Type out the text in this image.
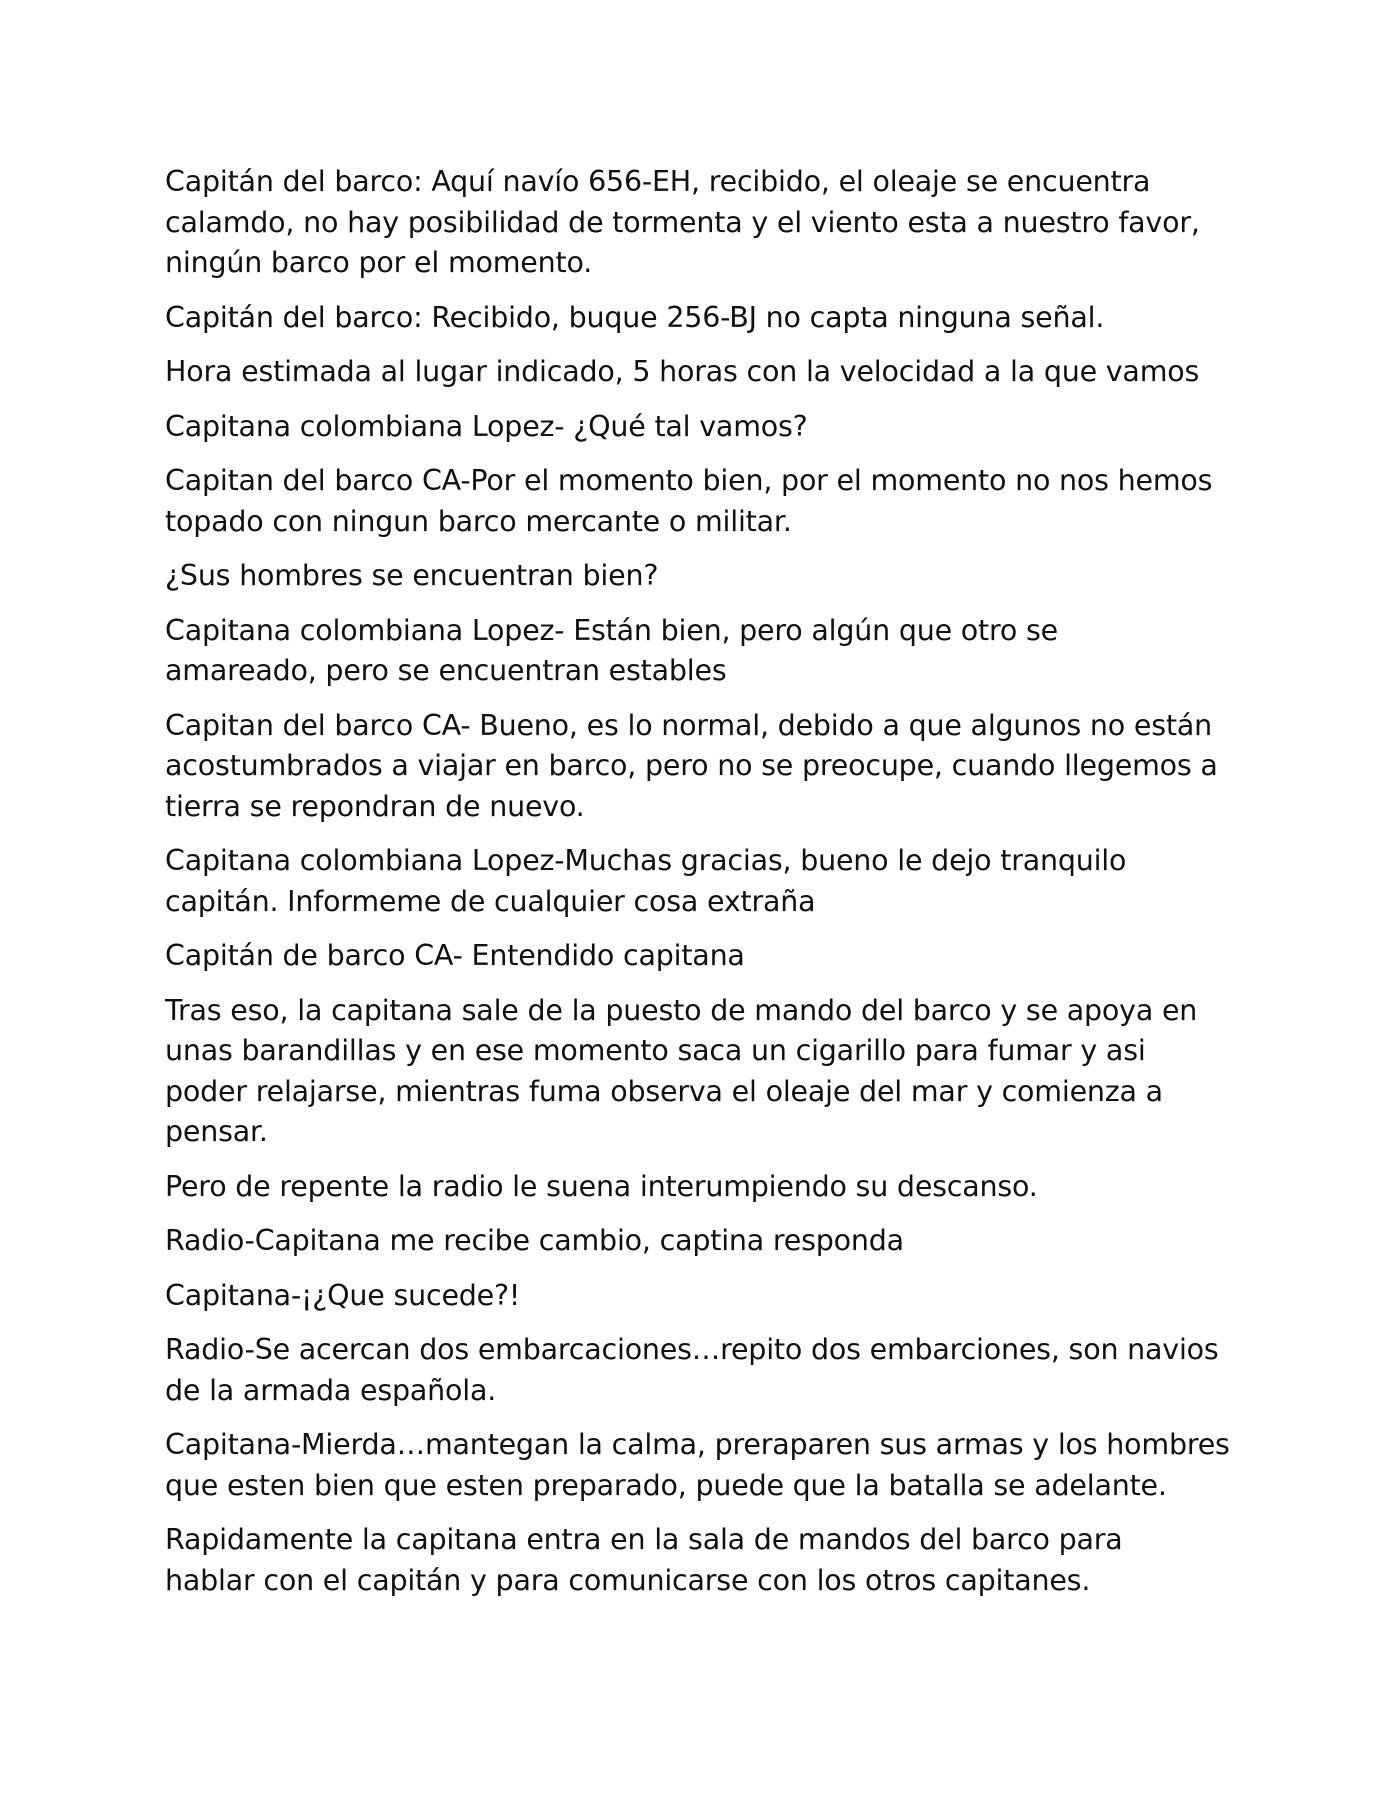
Capitán del barco: Aquí navío 656-EH, recibido, el oleaje se encuentra
calamdo, no hay posibilidad de tormenta y el viento esta a nuestro favor,
ningún barco por el momento.

Capitán del barco: Recibido, buque 256-BJ no capta ninguna señal.

Hora estimada al lugar indicado, 5 horas con la velocidad a la que vamos

Capitana colombiana Lopez- ¿Qué tal vamos?

Capitan del barco CA-Por el momento bien, por el momento no nos hemos
topado con ningun barco mercante o militar.

¿Sus hombres se encuentran bien?

Capitana colombiana Lopez- Están bien, pero algún que otro se
amareado, pero se encuentran estables

Capitan del barco CA- Bueno, es lo normal, debido a que algunos no están
acostumbrados a viajar en barco, pero no se preocupe, cuando llegemos a
tierra se repondran de nuevo.

Capitana colombiana Lopez-Muchas gracias, bueno le dejo tranquilo
capitán. Informeme de cualquier cosa extraña

Capitán de barco CA- Entendido capitana

Tras eso, la capitana sale de la puesto de mando del barco y se apoya en
unas barandillas y en ese momento saca un cigarillo para fumar y asi
poder relajarse, mientras fuma observa el oleaje del mar y comienza a
pensar.

Pero de repente la radio le suena interumpiendo su descanso.

Radio-Capitana me recibe cambio, captina responda

Capitana-¡¿Que sucede?!

Radio-Se acercan dos embarcaciones…repito dos embarciones, son navios
de la armada española.

Capitana-Mierda…mantegan la calma, preraparen sus armas y los hombres
que esten bien que esten preparado, puede que la batalla se adelante.

Rapidamente la capitana entra en la sala de mandos del barco para
hablar con el capitán y para comunicarse con los otros capitanes.
